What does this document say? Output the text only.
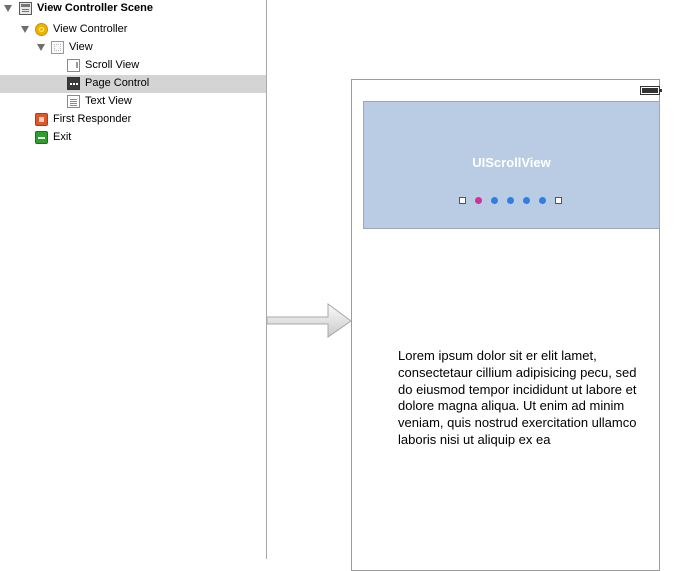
View Controller Scene
View Controller
View
Scroll View
Page Control
Text View
First Responder
Exit
UIScrollView
Lorem ipsum dolor sit er elit lamet, consectetaur cillium adipisicing pecu, sed do eiusmod tempor incididunt ut labore et dolore magna aliqua. Ut enim ad minim veniam, quis nostrud exercitation ullamco laboris nisi ut aliquip ex ea
